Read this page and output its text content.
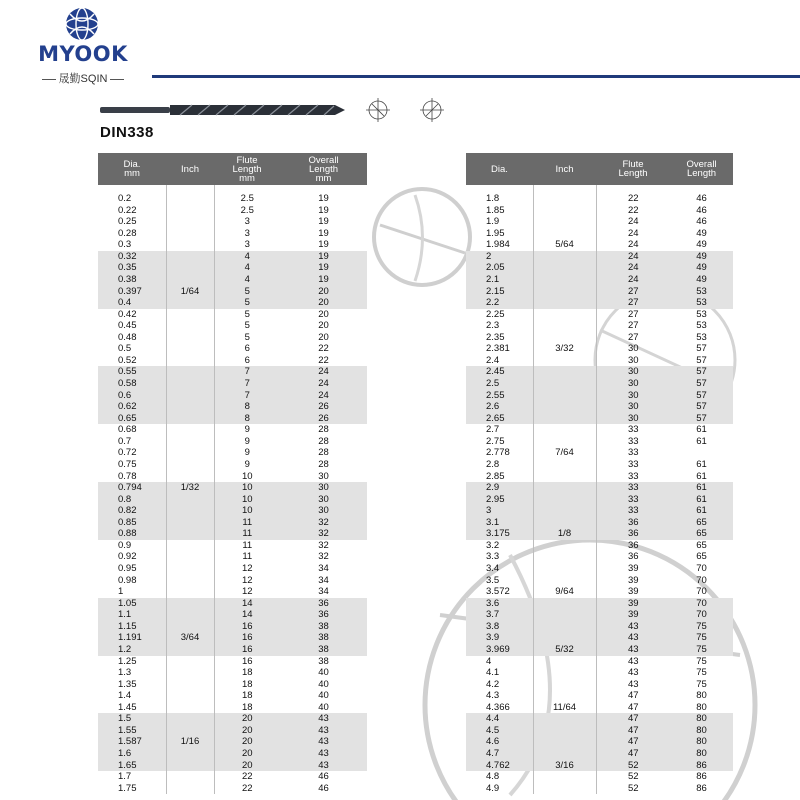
MYOOK
晟勤SQIN
DIN338
Dia.
mm	Inch	Flute
Length
mm	Overall
Length
mm

0.2		2.5	19
0.22		2.5	19
0.25		3	19
0.28		3	19
0.3		3	19
0.32		4	19
0.35		4	19
0.38		4	19
0.397	1/64	5	20
0.4		5	20
0.42		5	20
0.45		5	20
0.48		5	20
0.5		6	22
0.52		6	22
0.55		7	24
0.58		7	24
0.6		7	24
0.62		8	26
0.65		8	26
0.68		9	28
0.7		9	28
0.72		9	28
0.75		9	28
0.78		10	30
0.794	1/32	10	30
0.8		10	30
0.82		10	30
0.85		11	32
0.88		11	32
0.9		11	32
0.92		11	32
0.95		12	34
0.98		12	34
1		12	34
1.05		14	36
1.1		14	36
1.15		16	38
1.191	3/64	16	38
1.2		16	38
1.25		16	38
1.3		18	40
1.35		18	40
1.4		18	40
1.45		18	40
1.5		20	43
1.55		20	43
1.587	1/16	20	43
1.6		20	43
1.65		20	43
1.7		22	46
1.75		22	46
Dia.	Inch	Flute
Length	Overall
Length

1.8		22	46
1.85		22	46
1.9		24	46
1.95		24	49
1.984	5/64	24	49
2		24	49
2.05		24	49
2.1		24	49
2.15		27	53
2.2		27	53
2.25		27	53
2.3		27	53
2.35		27	53
2.381	3/32	30	57
2.4		30	57
2.45		30	57
2.5		30	57
2.55		30	57
2.6		30	57
2.65		30	57
2.7		33	61
2.75		33	61
2.778	7/64	33	
2.8		33	61
2.85		33	61
2.9		33	61
2.95		33	61
3		33	61
3.1		36	65
3.175	1/8	36	65
3.2		36	65
3.3		36	65
3.4		39	70
3.5		39	70
3.572	9/64	39	70
3.6		39	70
3.7		39	70
3.8		43	75
3.9		43	75
3.969	5/32	43	75
4		43	75
4.1		43	75
4.2		43	75
4.3		47	80
4.366	11/64	47	80
4.4		47	80
4.5		47	80
4.6		47	80
4.7		47	80
4.762	3/16	52	86
4.8		52	86
4.9		52	86
